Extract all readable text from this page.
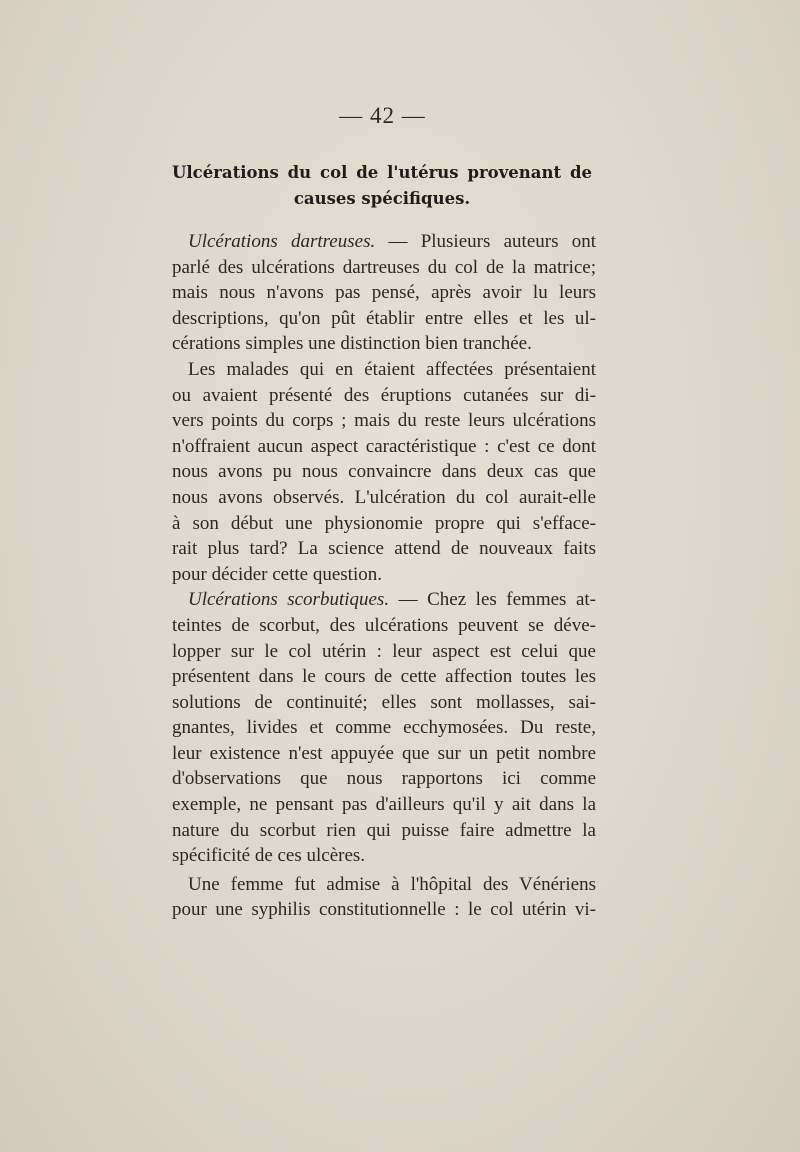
— 42 —
Ulcérations du col de l'utérus provenant de
causes spécifiques.
Ulcérations dartreuses. — Plusieurs auteurs ont
parlé des ulcérations dartreuses du col de la matrice;
mais nous n'avons pas pensé, après avoir lu leurs
descriptions, qu'on pût établir entre elles et les ul-
cérations simples une distinction bien tranchée.
Les malades qui en étaient affectées présentaient
ou avaient présenté des éruptions cutanées sur di-
vers points du corps ; mais du reste leurs ulcérations
n'offraient aucun aspect caractéristique : c'est ce dont
nous avons pu nous convaincre dans deux cas que
nous avons observés. L'ulcération du col aurait-elle
à son début une physionomie propre qui s'efface-
rait plus tard? La science attend de nouveaux faits
pour décider cette question.
Ulcérations scorbutiques. — Chez les femmes at-
teintes de scorbut, des ulcérations peuvent se déve-
lopper sur le col utérin : leur aspect est celui que
présentent dans le cours de cette affection toutes les
solutions de continuité; elles sont mollasses, sai-
gnantes, livides et comme ecchymosées. Du reste,
leur existence n'est appuyée que sur un petit nombre
d'observations que nous rapportons ici comme
exemple, ne pensant pas d'ailleurs qu'il y ait dans la
nature du scorbut rien qui puisse faire admettre la
spécificité de ces ulcères.
Une femme fut admise à l'hôpital des Vénériens
pour une syphilis constitutionnelle : le col utérin vi-
